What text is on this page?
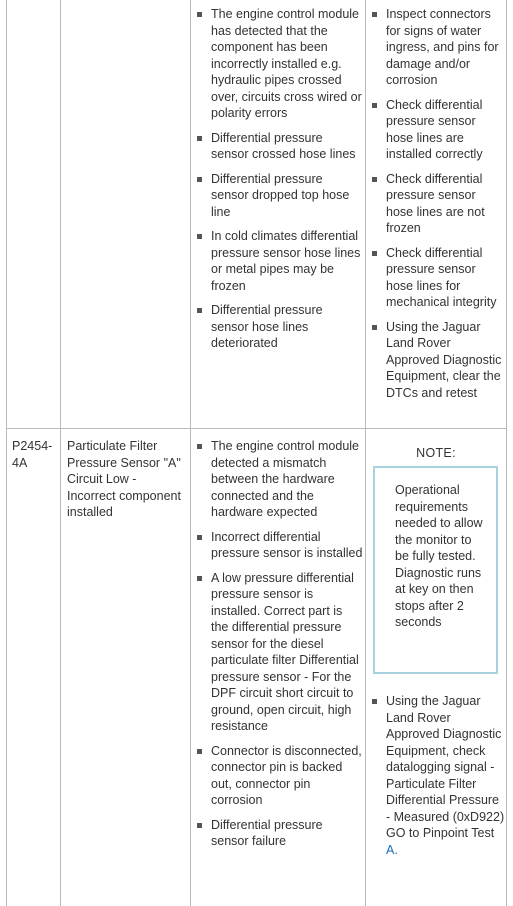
The engine control module has detected that the component has been incorrectly installed e.g. hydraulic pipes crossed over, circuits cross wired or polarity errors
Differential pressure sensor crossed hose lines
Differential pressure sensor dropped top hose line
In cold climates differential pressure sensor hose lines or metal pipes may be frozen
Differential pressure sensor hose lines deteriorated
Inspect connectors for signs of water ingress, and pins for damage and/or corrosion
Check differential pressure sensor hose lines are installed correctly
Check differential pressure sensor hose lines are not frozen
Check differential pressure sensor hose lines for mechanical integrity
Using the Jaguar Land Rover Approved Diagnostic Equipment, clear the DTCs and retest
P2454-4A
Particulate Filter Pressure Sensor "A" Circuit Low - Incorrect component installed
The engine control module detected a mismatch between the hardware connected and the hardware expected
Incorrect differential pressure sensor is installed
A low pressure differential pressure sensor is installed. Correct part is the differential pressure sensor for the diesel particulate filter Differential pressure sensor - For the DPF circuit short circuit to ground, open circuit, high resistance
Connector is disconnected, connector pin is backed out, connector pin corrosion
Differential pressure sensor failure
NOTE:
Operational requirements needed to allow the monitor to be fully tested. Diagnostic runs at key on then stops after 2 seconds
Using the Jaguar Land Rover Approved Diagnostic Equipment, check datalogging signal - Particulate Filter Differential Pressure - Measured (0xD922) GO to Pinpoint Test A.
